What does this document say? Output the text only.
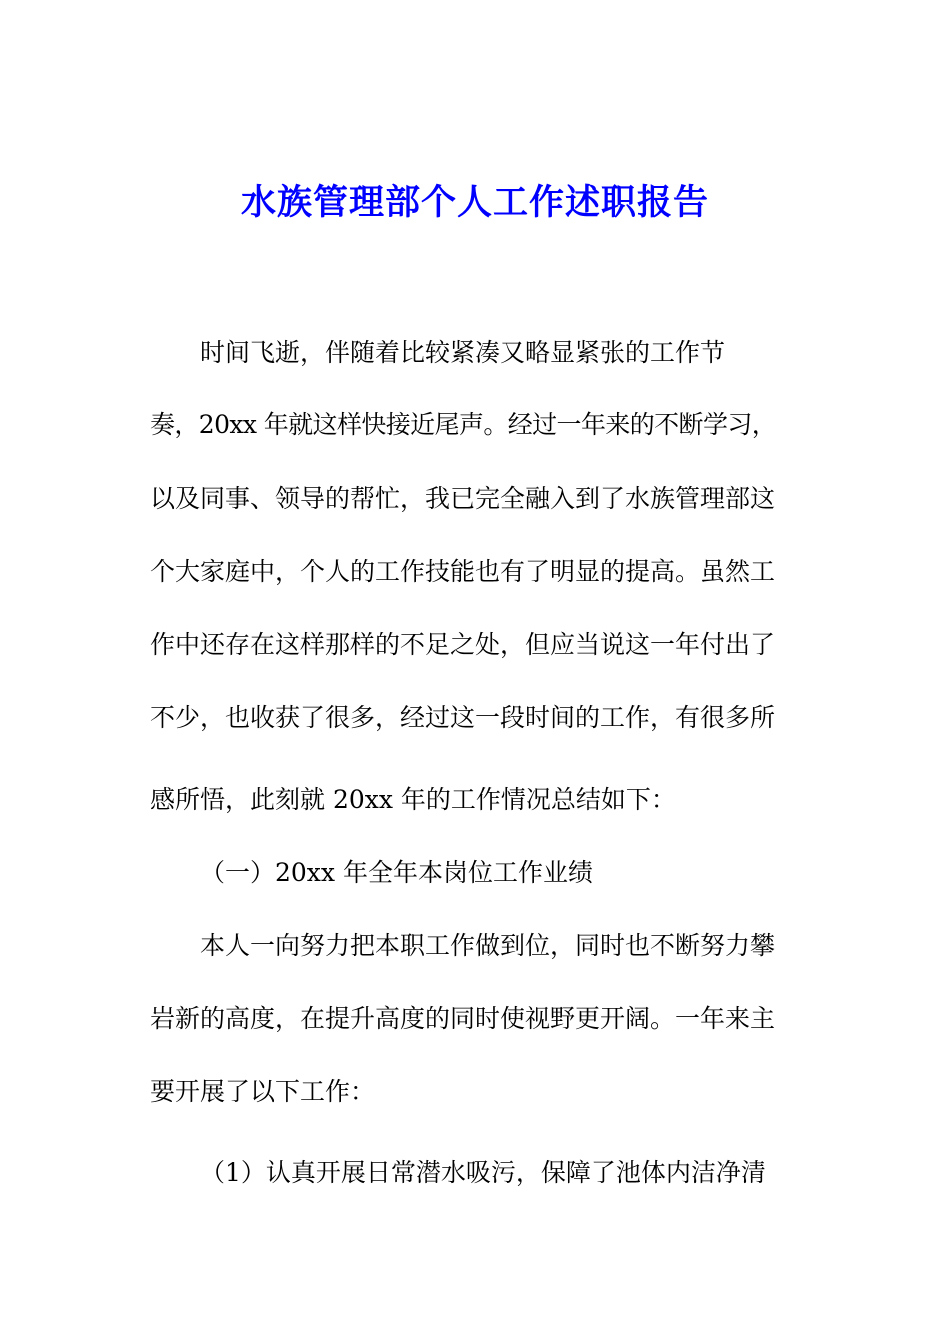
水族管理部个人工作述职报告

时间飞逝，伴随着比较紧凑又略显紧张的工作节

奏，20xx 年就这样快接近尾声。经过一年来的不断学习，

以及同事、领导的帮忙，我已完全融入到了水族管理部这

个大家庭中，个人的工作技能也有了明显的提高。虽然工

作中还存在这样那样的不足之处，但应当说这一年付出了

不少，也收获了很多，经过这一段时间的工作，有很多所

感所悟，此刻就 20xx 年的工作情况总结如下：

（一）20xx 年全年本岗位工作业绩

本人一向努力把本职工作做到位，同时也不断努力攀

岩新的高度，在提升高度的同时使视野更开阔。一年来主

要开展了以下工作：

（1）认真开展日常潜水吸污，保障了池体内洁净清
